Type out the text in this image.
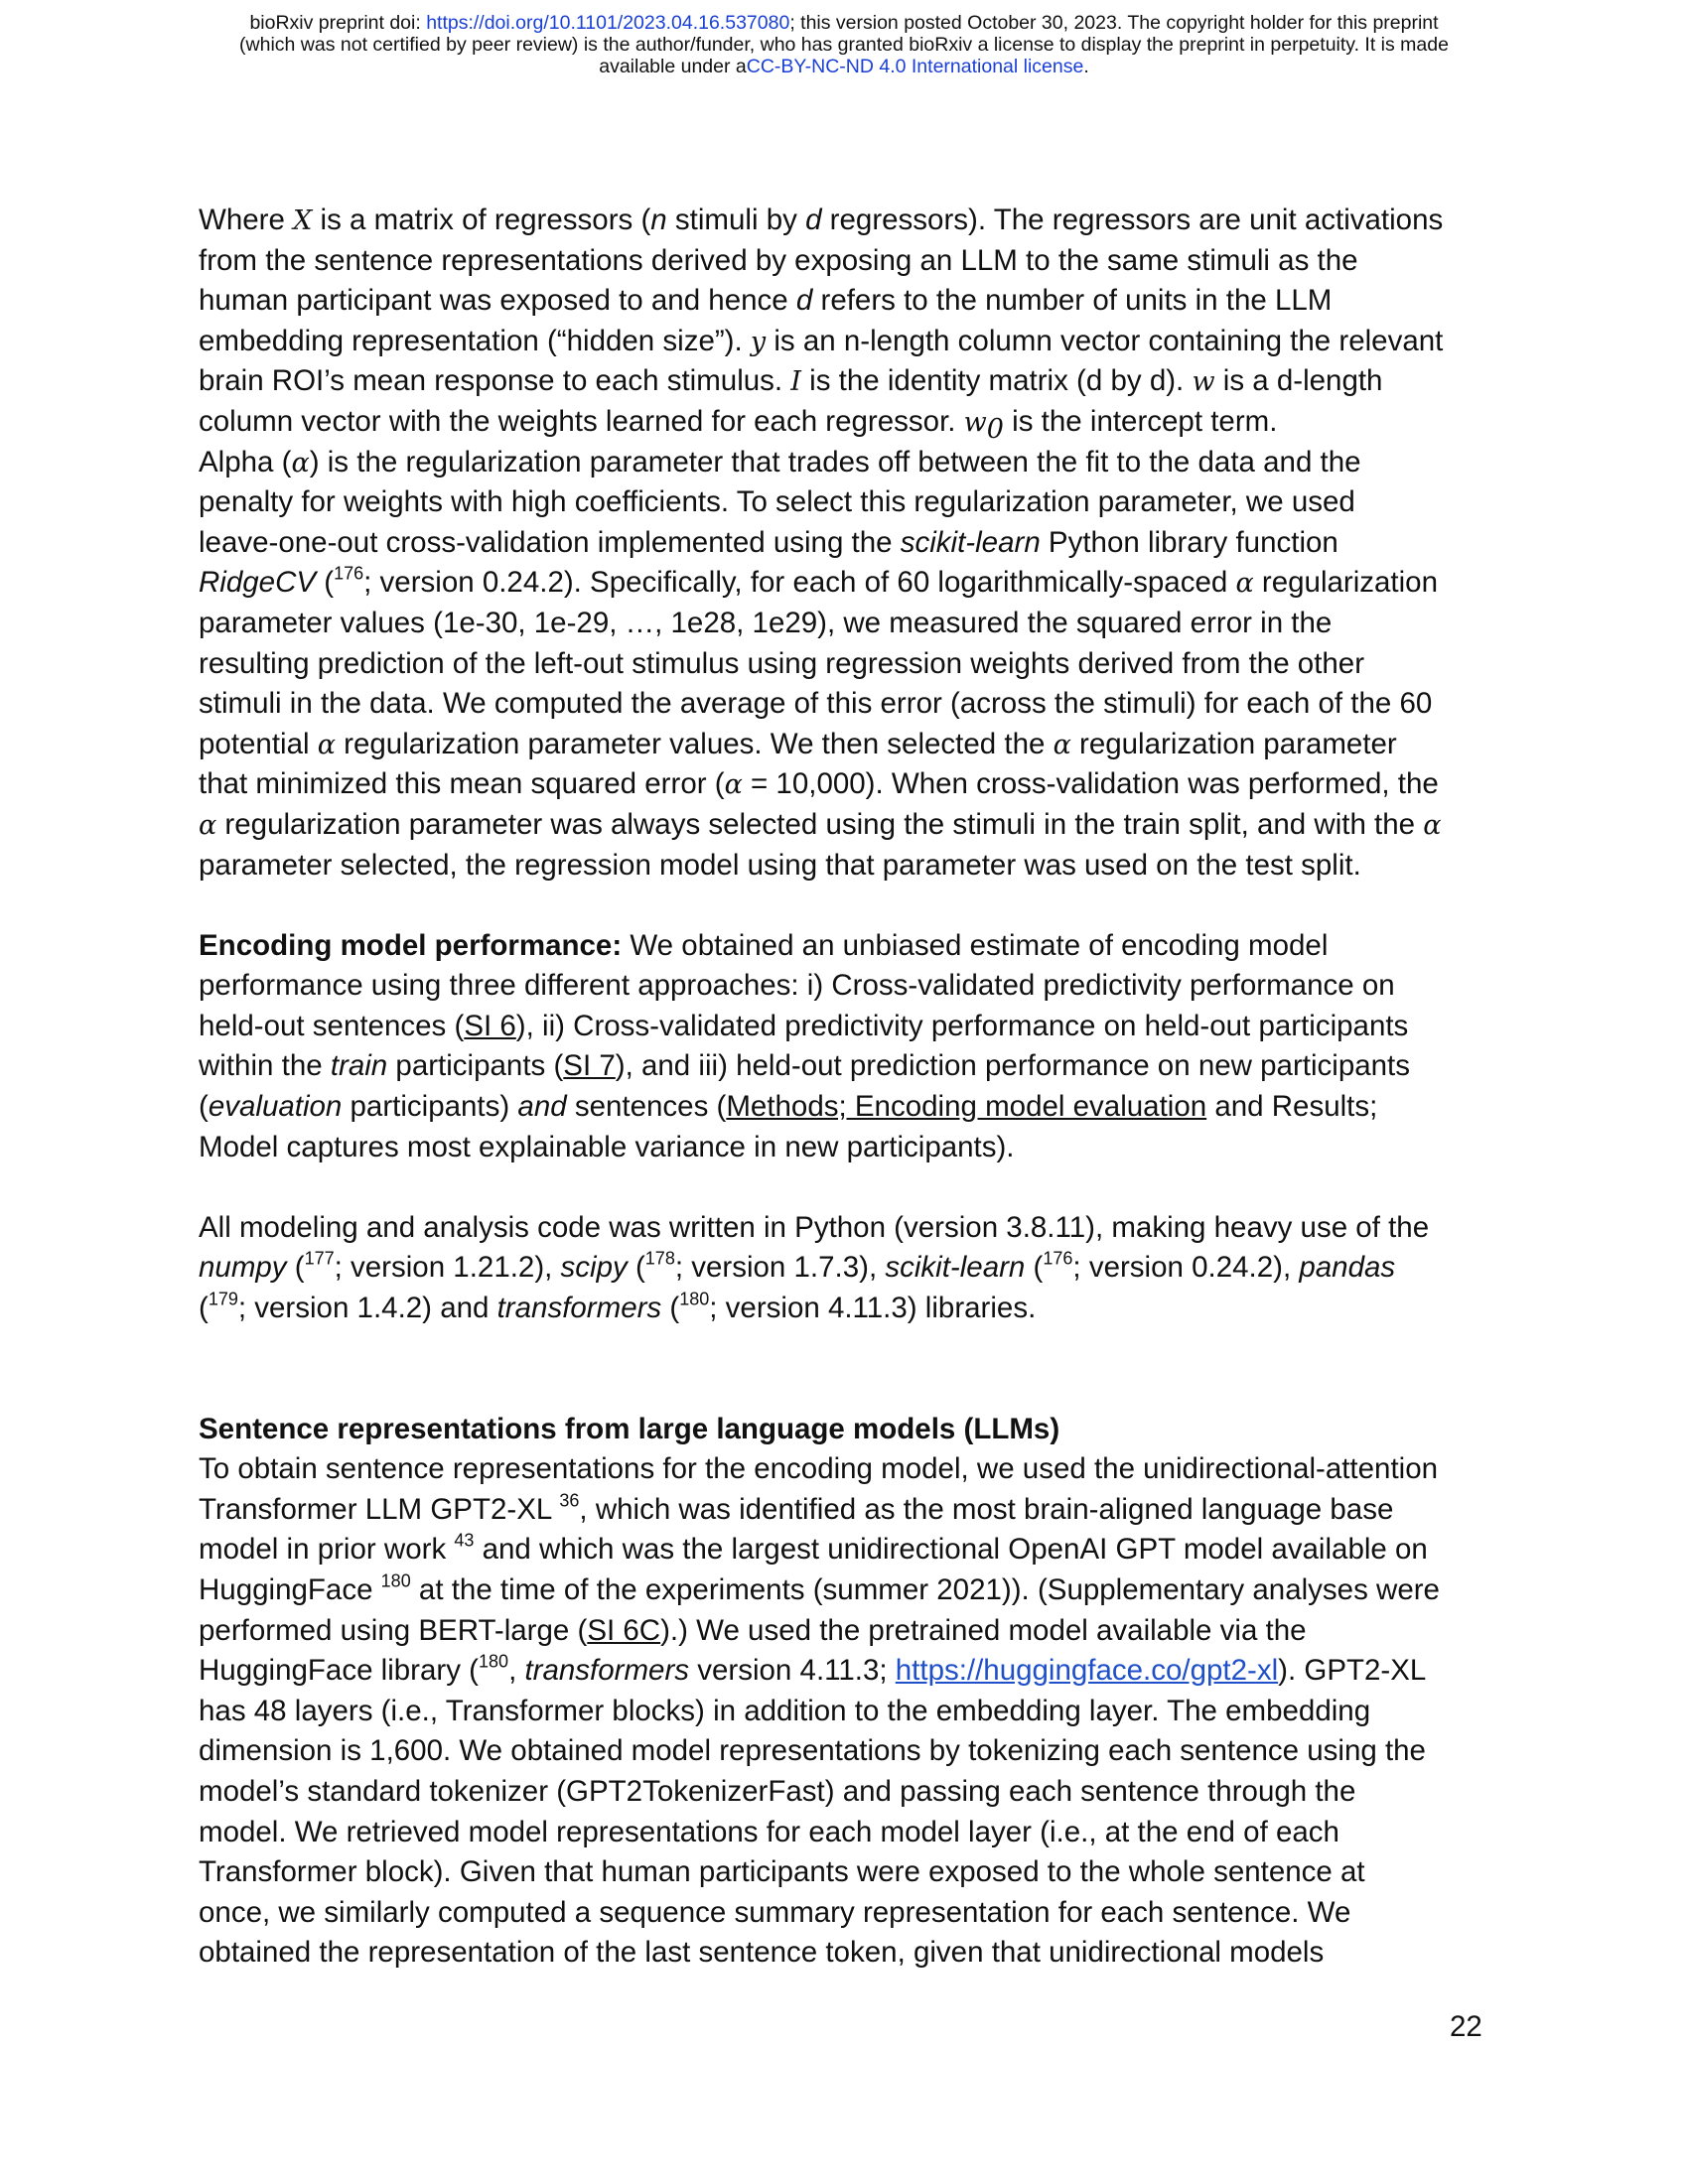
bioRxiv preprint doi: https://doi.org/10.1101/2023.04.16.537080; this version posted October 30, 2023. The copyright holder for this preprint
(which was not certified by peer review) is the author/funder, who has granted bioRxiv a license to display the preprint in perpetuity. It is made
available under aCC-BY-NC-ND 4.0 International license.
Where X is a matrix of regressors (n stimuli by d regressors). The regressors are unit activations
from the sentence representations derived by exposing an LLM to the same stimuli as the
human participant was exposed to and hence d refers to the number of units in the LLM
embedding representation (“hidden size”). y is an n-length column vector containing the relevant
brain ROI’s mean response to each stimulus. I is the identity matrix (d by d). w is a d-length
column vector with the weights learned for each regressor. $w_0$ is the intercept term.
Alpha (α) is the regularization parameter that trades off between the fit to the data and the
penalty for weights with high coefficients. To select this regularization parameter, we used
leave-one-out cross-validation implemented using the scikit-learn Python library function
RidgeCV ($^{176}$; version 0.24.2). Specifically, for each of 60 logarithmically-spaced α regularization
parameter values (1e-30, 1e-29, …, 1e28, 1e29), we measured the squared error in the
resulting prediction of the left-out stimulus using regression weights derived from the other
stimuli in the data. We computed the average of this error (across the stimuli) for each of the 60
potential α regularization parameter values. We then selected the α regularization parameter
that minimized this mean squared error (α = 10,000). When cross-validation was performed, the
α regularization parameter was always selected using the stimuli in the train split, and with the α
parameter selected, the regression model using that parameter was used on the test split.
Encoding model performance: We obtained an unbiased estimate of encoding model
performance using three different approaches: i) Cross-validated predictivity performance on
held-out sentences (SI 6), ii) Cross-validated predictivity performance on held-out participants
within the train participants (SI 7), and iii) held-out prediction performance on new participants
(evaluation participants) and sentences (Methods; Encoding model evaluation and Results;
Model captures most explainable variance in new participants).
All modeling and analysis code was written in Python (version 3.8.11), making heavy use of the
numpy ($^{177}$; version 1.21.2), scipy ($^{178}$; version 1.7.3), scikit-learn ($^{176}$; version 0.24.2), pandas
($^{179}$; version 1.4.2) and transformers ($^{180}$; version 4.11.3) libraries.
Sentence representations from large language models (LLMs)
To obtain sentence representations for the encoding model, we used the unidirectional-attention
Transformer LLM GPT2-XL $^{36}$, which was identified as the most brain-aligned language base
model in prior work $^{43}$ and which was the largest unidirectional OpenAI GPT model available on
HuggingFace $^{180}$ at the time of the experiments (summer 2021)). (Supplementary analyses were
performed using BERT-large (SI 6C).) We used the pretrained model available via the
HuggingFace library ($^{180}$, transformers version 4.11.3; https://huggingface.co/gpt2-xl). GPT2-XL
has 48 layers (i.e., Transformer blocks) in addition to the embedding layer. The embedding
dimension is 1,600. We obtained model representations by tokenizing each sentence using the
model’s standard tokenizer (GPT2TokenizerFast) and passing each sentence through the
model. We retrieved model representations for each model layer (i.e., at the end of each
Transformer block). Given that human participants were exposed to the whole sentence at
once, we similarly computed a sequence summary representation for each sentence. We
obtained the representation of the last sentence token, given that unidirectional models
22
